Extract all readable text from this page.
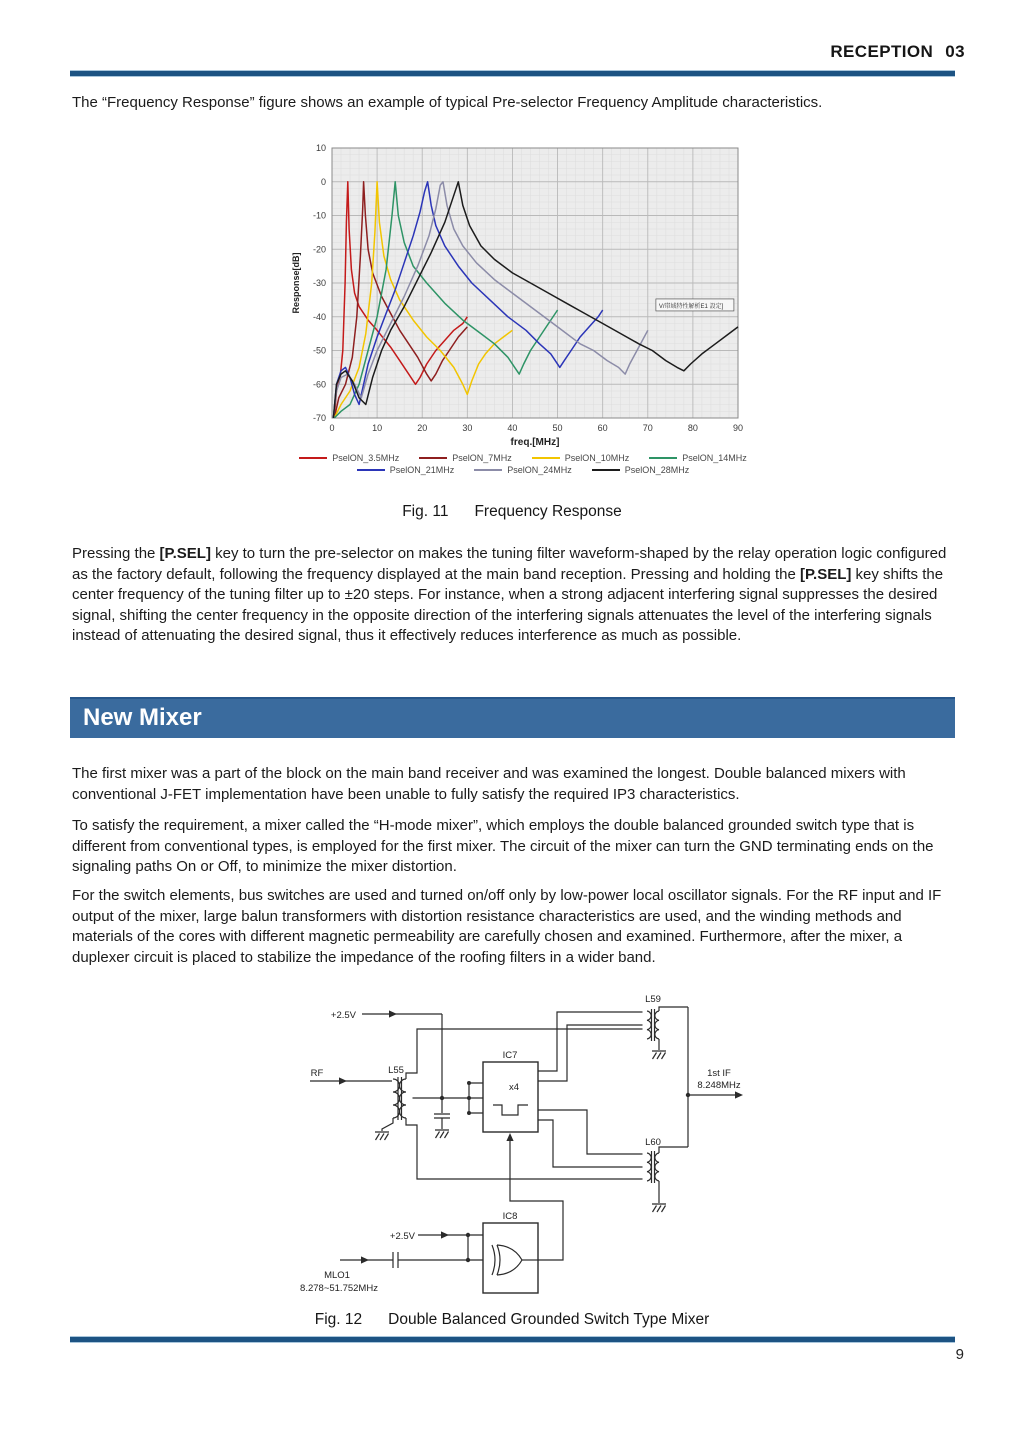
RECEPTION 03

The “Frequency Response” figure shows an example of typical Pre-selector Frequency Amplitude characteristics.

0	10	20	30	40	50	60	70	80	90
10
0
-10
-20
-30
-40
-50
-60
-70
Response[dB]
freq.[MHz]
V/帯域特性解析E1 設定]
PselON_3.5MHz	PselON_7MHz	PselON_10MHz	PselON_14MHz
PselON_21MHz	PselON_24MHz	PselON_28MHz

Fig. 11 Frequency Response

Pressing the [P.SEL] key to turn the pre-selector on makes the tuning filter waveform-shaped by the relay operation logic configured as the factory default, following the frequency displayed at the main band reception. Pressing and holding the [P.SEL] key shifts the center frequency of the tuning filter up to ±20 steps. For instance, when a strong adjacent interfering signal suppresses the desired signal, shifting the center frequency in the opposite direction of the interfering signals attenuates the level of the interfering signals instead of attenuating the desired signal, thus it effectively reduces interference as much as possible.

New Mixer

The first mixer was a part of the block on the main band receiver and was examined the longest. Double balanced mixers with conventional J-FET implementation have been unable to fully satisfy the required IP3 characteristics.

To satisfy the requirement, a mixer called the “H-mode mixer”, which employs the double balanced grounded switch type that is different from conventional types, is employed for the first mixer. The circuit of the mixer can turn the GND terminating ends on the signaling paths On or Off, to minimize the mixer distortion.

For the switch elements, bus switches are used and turned on/off only by low-power local oscillator signals. For the RF input and IF output of the mixer, large balun transformers with distortion resistance characteristics are used, and the winding methods and materials of the cores with different magnetic permeability are carefully chosen and examined. Furthermore, after the mixer, a duplexer circuit is placed to stabilize the impedance of the roofing filters in a wider band.

x4
RF	L55
+2.5V
IC7
L59
L60
1st IF
8.248MHz
IC8
+2.5V
MLO1
8.278~51.752MHz

Fig. 12 Double Balanced Grounded Switch Type Mixer

9
